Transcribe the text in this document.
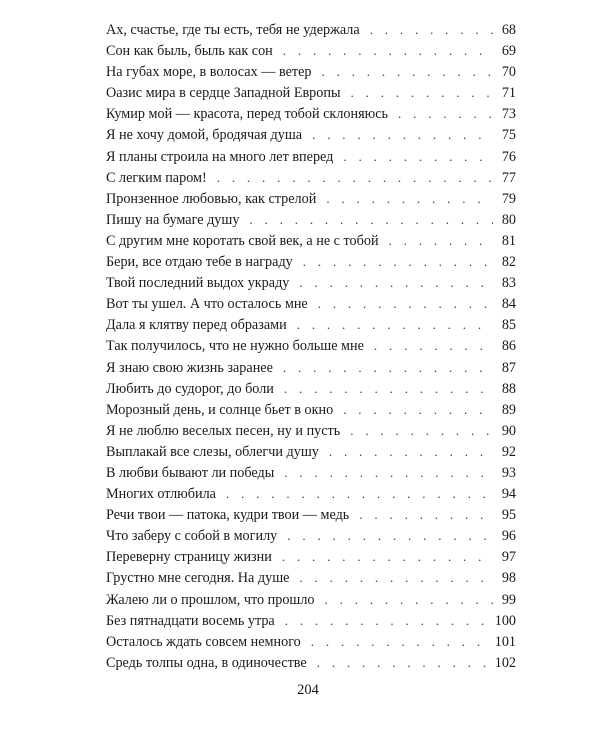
Ах, счастье, где ты есть, тебя не удержала . . .	68
Сон как быль, быль как сон . . .	69
На губах море, в волосах — ветер . . .	70
Оазис мира в сердце Западной Европы . . .	71
Кумир мой — красота, перед тобой склоняюсь . . .	73
Я не хочу домой, бродячая душа . . .	75
Я планы строила на много лет вперед . . .	76
С легким паром! . . .	77
Пронзенное любовью, как стрелой . . .	79
Пишу на бумаге душу . . .	80
С другим мне коротать свой век, а не с тобой . . .	81
Бери, все отдаю тебе в награду . . .	82
Твой последний выдох украду . . .	83
Вот ты ушел. А что осталось мне . . .	84
Дала я клятву перед образами . . .	85
Так получилось, что не нужно больше мне . . .	86
Я знаю свою жизнь заранее . . .	87
Любить до судорог, до боли . . .	88
Морозный день, и солнце бьет в окно . . .	89
Я не люблю веселых песен, ну и пусть . . .	90
Выплакай все слезы, облегчи душу . . .	92
В любви бывают ли победы . . .	93
Многих отлюбила . . .	94
Речи твои — патока, кудри твои — медь . . .	95
Что заберу с собой в могилу . . .	96
Переверну страницу жизни . . .	97
Грустно мне сегодня. На душе . . .	98
Жалею ли о прошлом, что прошло . . .	99
Без пятнадцати восемь утра . . .	100
Осталось ждать совсем немного . . .	101
Средь толпы одна, в одиночестве . . .	102
204
